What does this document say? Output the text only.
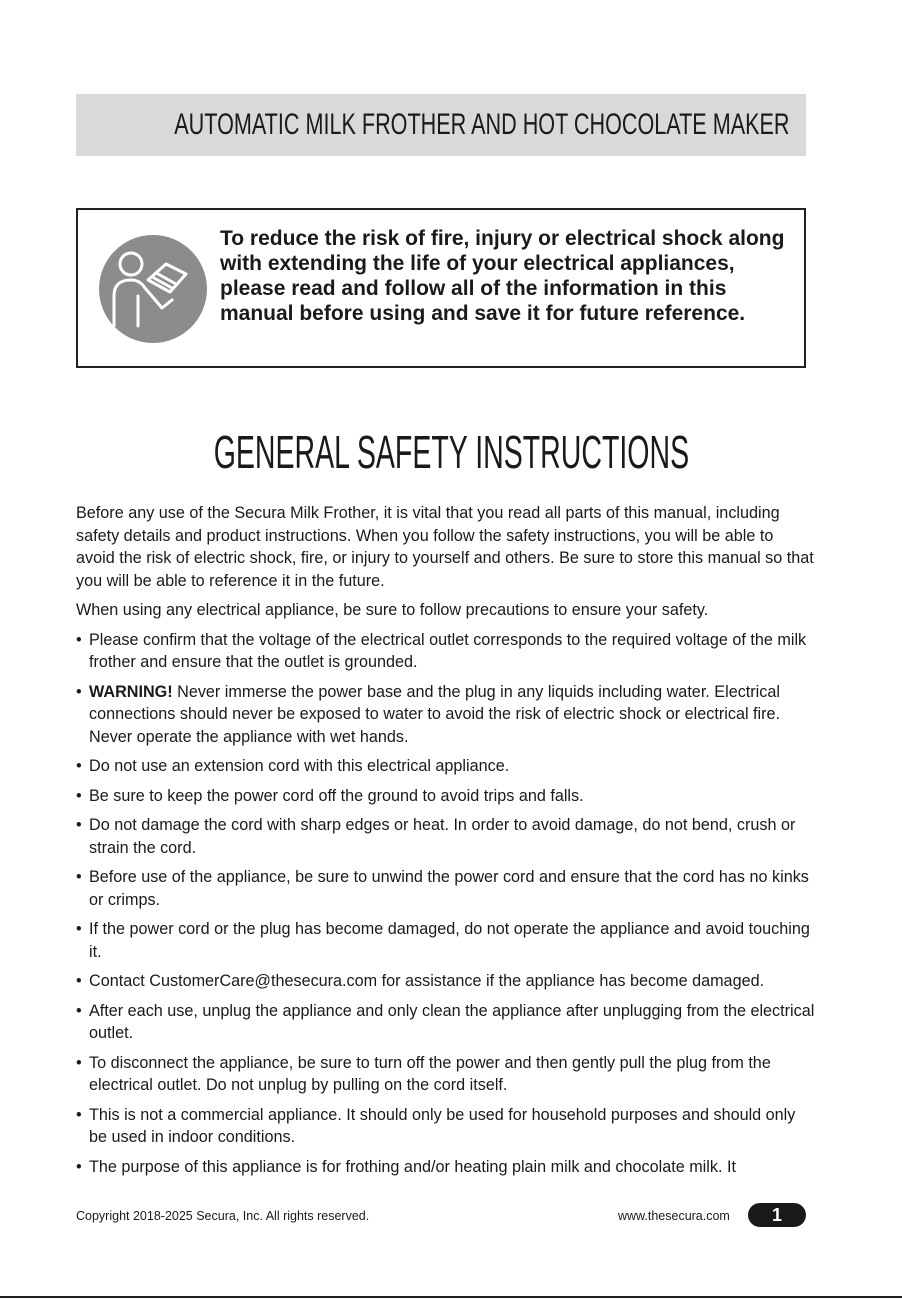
AUTOMATIC MILK FROTHER AND HOT CHOCOLATE MAKER
To reduce the risk of fire, injury or electrical shock along with extending the life of your electrical appliances, please read and follow all of the information in this manual before using and save it for future reference.
GENERAL SAFETY INSTRUCTIONS

Before any use of the Secura Milk Frother, it is vital that you read all parts of this manual, including safety details and product instructions. When you follow the safety instructions, you will be able to avoid the risk of electric shock, fire, or injury to yourself and others. Be sure to store this manual so that you will be able to reference it in the future.

When using any electrical appliance, be sure to follow precautions to ensure your safety.

• Please confirm that the voltage of the electrical outlet corresponds to the required voltage of the milk frother and ensure that the outlet is grounded.
• WARNING! Never immerse the power base and the plug in any liquids including water. Electrical connections should never be exposed to water to avoid the risk of electric shock or electrical fire. Never operate the appliance with wet hands.
• Do not use an extension cord with this electrical appliance.
• Be sure to keep the power cord off the ground to avoid trips and falls.
• Do not damage the cord with sharp edges or heat. In order to avoid damage, do not bend, crush or strain the cord.
• Before use of the appliance, be sure to unwind the power cord and ensure that the cord has no kinks or crimps.
• If the power cord or the plug has become damaged, do not operate the appliance and avoid touching it.
• Contact CustomerCare@thesecura.com for assistance if the appliance has become damaged.
• After each use, unplug the appliance and only clean the appliance after unplugging from the electrical outlet.
• To disconnect the appliance, be sure to turn off the power and then gently pull the plug from the electrical outlet. Do not unplug by pulling on the cord itself.
• This is not a commercial appliance. It should only be used for household purposes and should only be used in indoor conditions.
• The purpose of this appliance is for frothing and/or heating plain milk and chocolate milk. It
Copyright 2018-2025 Secura, Inc. All rights reserved.	www.thesecura.com	1
